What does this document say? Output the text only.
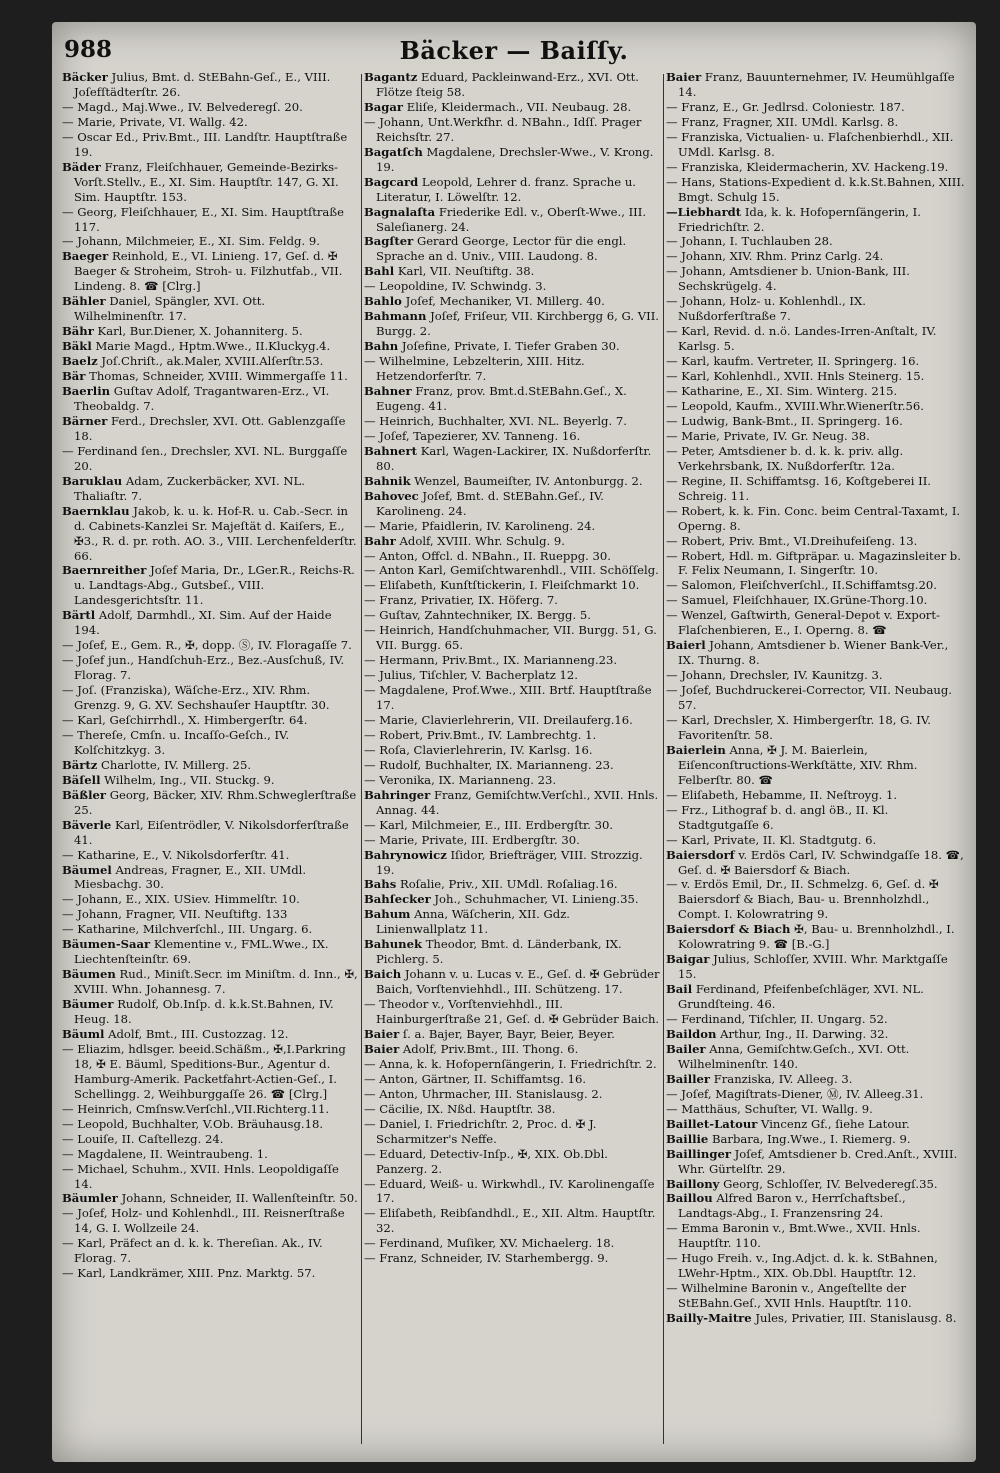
988	Bäcker — Baiſſy.

Bäcker Julius, Bmt. d. StEBahn-Geſ., E., VIII. Joſefſtädterſtr. 26.

— Magd., Maj.Wwe., IV. Belvederegſ. 20.

— Marie, Private, VI. Wallg. 42.

— Oscar Ed., Priv.Bmt., III. Landſtr. Hauptſtraße 19.

Bäder Franz, Fleiſchhauer, Gemeinde-Bezirks-Vorſt.Stellv., E., XI. Sim. Hauptſtr. 147, G. XI. Sim. Hauptſtr. 153.

— Georg, Fleiſchhauer, E., XI. Sim. Hauptſtraße 117.

— Johann, Milchmeier, E., XI. Sim. Feldg. 9.

Baeger Reinhold, E., VI. Linieng. 17, Geſ. d. ✠ Baeger & Stroheim, Stroh- u. Filzhutfab., VII. Lindeng. 8. ☎ [Clrg.]

Bähler Daniel, Spängler, XVI. Ott. Wilhelminenſtr. 17.

Bähr Karl, Bur.Diener, X. Johanniterg. 5.

Bäkl Marie Magd., Hptm.Wwe., II.Kluckyg.4.

Baelz Joſ.Chriſt., ak.Maler, XVIII.Alſerſtr.53.

Bär Thomas, Schneider, XVIII. Wimmergaſſe 11.

Baerlin Guſtav Adolf, Tragantwaren-Erz., VI. Theobaldg. 7.

Bärner Ferd., Drechsler, XVI. Ott. Gablenzgaſſe 18.

— Ferdinand ſen., Drechsler, XVI. NL. Burggaſſe 20.

Baruklau Adam, Zuckerbäcker, XVI. NL. Thaliaſtr. 7.

Baernklau Jakob, k. u. k. Hof-R. u. Cab.-Secr. in d. Cabinets-Kanzlei Sr. Majeſtät d. Kaiſers, E., ✠3., R. d. pr. roth. AO. 3., VIII. Lerchenfelderſtr. 66.

Baernreither Joſef Maria, Dr., LGer.R., Reichs-R. u. Landtags-Abg., Gutsbeſ., VIII. Landesgerichtsſtr. 11.

Bärtl Adolf, Darmhdl., XI. Sim. Auf der Haide 194.

— Joſef, E., Gem. R., ✠, dopp. Ⓢ, IV. Floragaſſe 7.

— Joſef jun., Handſchuh-Erz., Bez.-Ausſchuß, IV. Florag. 7.

— Joſ. (Franziska), Wäſche-Erz., XIV. Rhm. Grenzg. 9, G. XV. Sechshauſer Hauptſtr. 30.

— Karl, Geſchirrhdl., X. Himbergerſtr. 64.

— Thereſe, Cmſn. u. Incaſſo-Geſch., IV. Kolſchitzkyg. 3.

Bärtz Charlotte, IV. Millerg. 25.

Bäſell Wilhelm, Ing., VII. Stuckg. 9.

Bäßler Georg, Bäcker, XIV. Rhm.Schweglerſtraße 25.

Bäverle Karl, Eiſentrödler, V. Nikolsdorferſtraße 41.

— Katharine, E., V. Nikolsdorferſtr. 41.

Bäumel Andreas, Fragner, E., XII. UMdl. Miesbachg. 30.

— Johann, E., XIX. USiev. Himmelſtr. 10.

— Johann, Fragner, VII. Neuſtiftg. 133

— Katharine, Milchverſchl., III. Ungarg. 6.

Bäumen-Saar Klementine v., FML.Wwe., IX. Liechtenſteinſtr. 69.

Bäumen Rud., Miniſt.Secr. im Miniſtm. d. Inn., ✠, XVIII. Whn. Johannesg. 7.

Bäumer Rudolf, Ob.Inſp. d. k.k.St.Bahnen, IV. Heug. 18.

Bäuml Adolf, Bmt., III. Custozzag. 12.

— Eliazim, hdlsger. beeid.Schäßm., ✠,I.Parkring 18, ✠ E. Bäuml, Speditions-Bur., Agentur d. Hamburg-Amerik. Packetfahrt-Actien-Geſ., I. Schellingg. 2, Weihburggaſſe 26. ☎ [Clrg.]

— Heinrich, Cmſnsw.Verſchl.,VII.Richterg.11.

— Leopold, Buchhalter, V.Ob. Bräuhausg.18.

— Louiſe, II. Caſtellezg. 24.

— Magdalene, II. Weintraubeng. 1.

— Michael, Schuhm., XVII. Hnls. Leopoldigaſſe 14.

Bäumler Johann, Schneider, II. Wallenſteinſtr. 50.

— Joſef, Holz- und Kohlenhdl., III. Reisnerſtraße 14, G. I. Wollzeile 24.

— Karl, Präfect an d. k. k. Thereſian. Ak., IV. Florag. 7.

— Karl, Landkrämer, XIII. Pnz. Marktg. 57.

Bagantz Eduard, Packleinwand-Erz., XVI. Ott. Flötze ſteig 58.

Bagar Eliſe, Kleidermach., VII. Neubaug. 28.

— Johann, Unt.Werkfhr. d. NBahn., Idſſ. Prager Reichsſtr. 27.

Bagatſch Magdalene, Drechsler-Wwe., V. Krong. 19.

Bagcard Leopold, Lehrer d. franz. Sprache u. Literatur, I. Löwelſtr. 12.

Bagnalaſta Friederike Edl. v., Oberſt-Wwe., III. Saleſianerg. 24.

Bagſter Gerard George, Lector für die engl. Sprache an d. Univ., VIII. Laudong. 8.

Bahl Karl, VII. Neuſtiftg. 38.

— Leopoldine, IV. Schwindg. 3.

Bahlo Joſef, Mechaniker, VI. Millerg. 40.

Bahmann Joſef, Friſeur, VII. Kirchbergg 6, G. VII. Burgg. 2.

Bahn Joſefine, Private, I. Tiefer Graben 30.

— Wilhelmine, Lebzelterin, XIII. Hitz. Hetzendorferſtr. 7.

Bahner Franz, prov. Bmt.d.StEBahn.Geſ., X. Eugeng. 41.

— Heinrich, Buchhalter, XVI. NL. Beyerlg. 7.

— Joſef, Tapezierer, XV. Tanneng. 16.

Bahnert Karl, Wagen-Lackirer, IX. Nußdorferſtr. 80.

Bahnik Wenzel, Baumeiſter, IV. Antonburgg. 2.

Bahovec Joſef, Bmt. d. StEBahn.Geſ., IV. Karolineng. 24.

— Marie, Pfaidlerin, IV. Karolineng. 24.

Bahr Adolf, XVIII. Whr. Schulg. 9.

— Anton, Offcl. d. NBahn., II. Rueppg. 30.

— Anton Karl, Gemiſchtwarenhdl., VIII. Schöſſelg.

— Eliſabeth, Kunſtſtickerin, I. Fleiſchmarkt 10.

— Franz, Privatier, IX. Höferg. 7.

— Guſtav, Zahntechniker, IX. Bergg. 5.

— Heinrich, Handſchuhmacher, VII. Burgg. 51, G. VII. Burgg. 65.

— Hermann, Priv.Bmt., IX. Marianneng.23.

— Julius, Tiſchler, V. Bacherplatz 12.

— Magdalene, Prof.Wwe., XIII. Brtf. Hauptſtraße 17.

— Marie, Clavierlehrerin, VII. Dreilauferg.16.

— Robert, Priv.Bmt., IV. Lambrechtg. 1.

— Roſa, Clavierlehrerin, IV. Karlsg. 16.

— Rudolf, Buchhalter, IX. Marianneng. 23.

— Veronika, IX. Marianneng. 23.

Bahringer Franz, Gemiſchtw.Verſchl., XVII. Hnls. Annag. 44.

— Karl, Milchmeier, E., III. Erdbergſtr. 30.

— Marie, Private, III. Erdbergſtr. 30.

Bahrynowicz Iſidor, Briefträger, VIII. Strozzig. 19.

Bahs Roſalie, Priv., XII. UMdl. Roſaliag.16.

Bahſecker Joh., Schuhmacher, VI. Linieng.35.

Bahum Anna, Wäſcherin, XII. Gdz. Linienwallplatz 11.

Bahunek Theodor, Bmt. d. Länderbank, IX. Pichlerg. 5.

Baich Johann v. u. Lucas v. E., Geſ. d. ✠ Gebrüder Baich, Vorſtenviehhdl., III. Schützeng. 17.

— Theodor v., Vorſtenviehhdl., III. Hainburgerſtraße 21, Geſ. d. ✠ Gebrüder Baich.

Baier ſ. a. Bajer, Bayer, Bayr, Beier, Beyer.

Baier Adolf, Priv.Bmt., III. Thong. 6.

— Anna, k. k. Hofopernſängerin, I. Friedrichſtr. 2.

— Anton, Gärtner, II. Schiffamtsg. 16.

— Anton, Uhrmacher, III. Stanislausg. 2.

— Cäcilie, IX. Nßd. Hauptſtr. 38.

— Daniel, I. Friedrichſtr. 2, Proc. d. ✠ J. Scharmitzer's Neffe.

— Eduard, Detectiv-Inſp., ✠, XIX. Ob.Dbl. Panzerg. 2.

— Eduard, Weiß- u. Wirkwhdl., IV. Karolinengaſſe 17.

— Eliſabeth, Reibſandhdl., E., XII. Altm. Hauptſtr. 32.

— Ferdinand, Muſiker, XV. Michaelerg. 18.

— Franz, Schneider, IV. Starhembergg. 9.

Baier Franz, Bauunternehmer, IV. Heumühlgaſſe 14.

— Franz, E., Gr. Jedlrsd. Coloniestr. 187.

— Franz, Fragner, XII. UMdl. Karlsg. 8.

— Franziska, Victualien- u. Flaſchenbierhdl., XII. UMdl. Karlsg. 8.

— Franziska, Kleidermacherin, XV. Hackeng.19.

— Hans, Stations-Expedient d. k.k.St.Bahnen, XIII. Bmgt. Schulg 15.

—Liebhardt Ida, k. k. Hofopernſängerin, I. Friedrichſtr. 2.

— Johann, I. Tuchlauben 28.

— Johann, XIV. Rhm. Prinz Carlg. 24.

— Johann, Amtsdiener b. Union-Bank, III. Sechskrügelg. 4.

— Johann, Holz- u. Kohlenhdl., IX. Nußdorferſtraße 7.

— Karl, Revid. d. n.ö. Landes-Irren-Anſtalt, IV. Karlsg. 5.

— Karl, kaufm. Vertreter, II. Springerg. 16.

— Karl, Kohlenhdl., XVII. Hnls Steinerg. 15.

— Katharine, E., XI. Sim. Winterg. 215.

— Leopold, Kaufm., XVIII.Whr.Wienerſtr.56.

— Ludwig, Bank-Bmt., II. Springerg. 16.

— Marie, Private, IV. Gr. Neug. 38.

— Peter, Amtsdiener b. d. k. k. priv. allg. Verkehrsbank, IX. Nußdorferſtr. 12a.

— Regine, II. Schiffamtsg. 16, Koſtgeberei II. Schreig. 11.

— Robert, k. k. Fin. Conc. beim Central-Taxamt, I. Operng. 8.

— Robert, Priv. Bmt., VI.Dreihufeiſeng. 13.

— Robert, Hdl. m. Giftpräpar. u. Magazinsleiter b. F. Felix Neumann, I. Singerſtr. 10.

— Salomon, Fleiſchverſchl., II.Schiffamtsg.20.

— Samuel, Fleiſchhauer, IX.Grüne-Thorg.10.

— Wenzel, Gaſtwirth, General-Depot v. Export-Flaſchenbieren, E., I. Operng. 8. ☎

Baierl Johann, Amtsdiener b. Wiener Bank-Ver., IX. Thurng. 8.

— Johann, Drechsler, IV. Kaunitzg. 3.

— Joſef, Buchdruckerei-Corrector, VII. Neubaug. 57.

— Karl, Drechsler, X. Himbergerſtr. 18, G. IV. Favoritenſtr. 58.

Baierlein Anna, ✠ J. M. Baierlein, Eiſenconſtructions-Werkſtätte, XIV. Rhm. Felberſtr. 80. ☎

— Eliſabeth, Hebamme, II. Neſtroyg. 1.

— Frz., Lithograf b. d. angl öB., II. Kl. Stadtgutgaſſe 6.

— Karl, Private, II. Kl. Stadtgutg. 6.

Baiersdorf v. Erdös Carl, IV. Schwindgaſſe 18. ☎, Geſ. d. ✠ Baiersdorf & Biach.

— v. Erdös Emil, Dr., II. Schmelzg. 6, Geſ. d. ✠ Baiersdorf & Biach, Bau- u. Brennholzhdl., Compt. I. Kolowratring 9.

Baiersdorf & Biach ✠, Bau- u. Brennholzhdl., I. Kolowratring 9. ☎ [B.-G.]

Baigar Julius, Schloſſer, XVIII. Whr. Marktgaſſe 15.

Bail Ferdinand, Pfeifenbeſchläger, XVI. NL. Grundſteing. 46.

— Ferdinand, Tiſchler, II. Ungarg. 52.

Baildon Arthur, Ing., II. Darwing. 32.

Bailer Anna, Gemiſchtw.Geſch., XVI. Ott. Wilhelminenſtr. 140.

Bailler Franziska, IV. Alleeg. 3.

— Joſef, Magiſtrats-Diener, Ⓜ, IV. Alleeg.31.

— Matthäus, Schuſter, VI. Wallg. 9.

Baillet-Latour Vincenz Gf., ſiehe Latour.

Baillie Barbara, Ing.Wwe., I. Riemerg. 9.

Baillinger Joſef, Amtsdiener b. Cred.Anſt., XVIII. Whr. Gürtelſtr. 29.

Baillony Georg, Schloſſer, IV. Belvederegſ.35.

Baillou Alfred Baron v., Herrſchaftsbeſ., Landtags-Abg., I. Franzensring 24.

— Emma Baronin v., Bmt.Wwe., XVII. Hnls. Hauptſtr. 110.

— Hugo Freih. v., Ing.Adjct. d. k. k. StBahnen, LWehr-Hptm., XIX. Ob.Dbl. Hauptſtr. 12.

— Wilhelmine Baronin v., Angeſtellte der StEBahn.Geſ., XVII Hnls. Hauptſtr. 110.

Bailly-Maitre Jules, Privatier, III. Stanislausg. 8.
